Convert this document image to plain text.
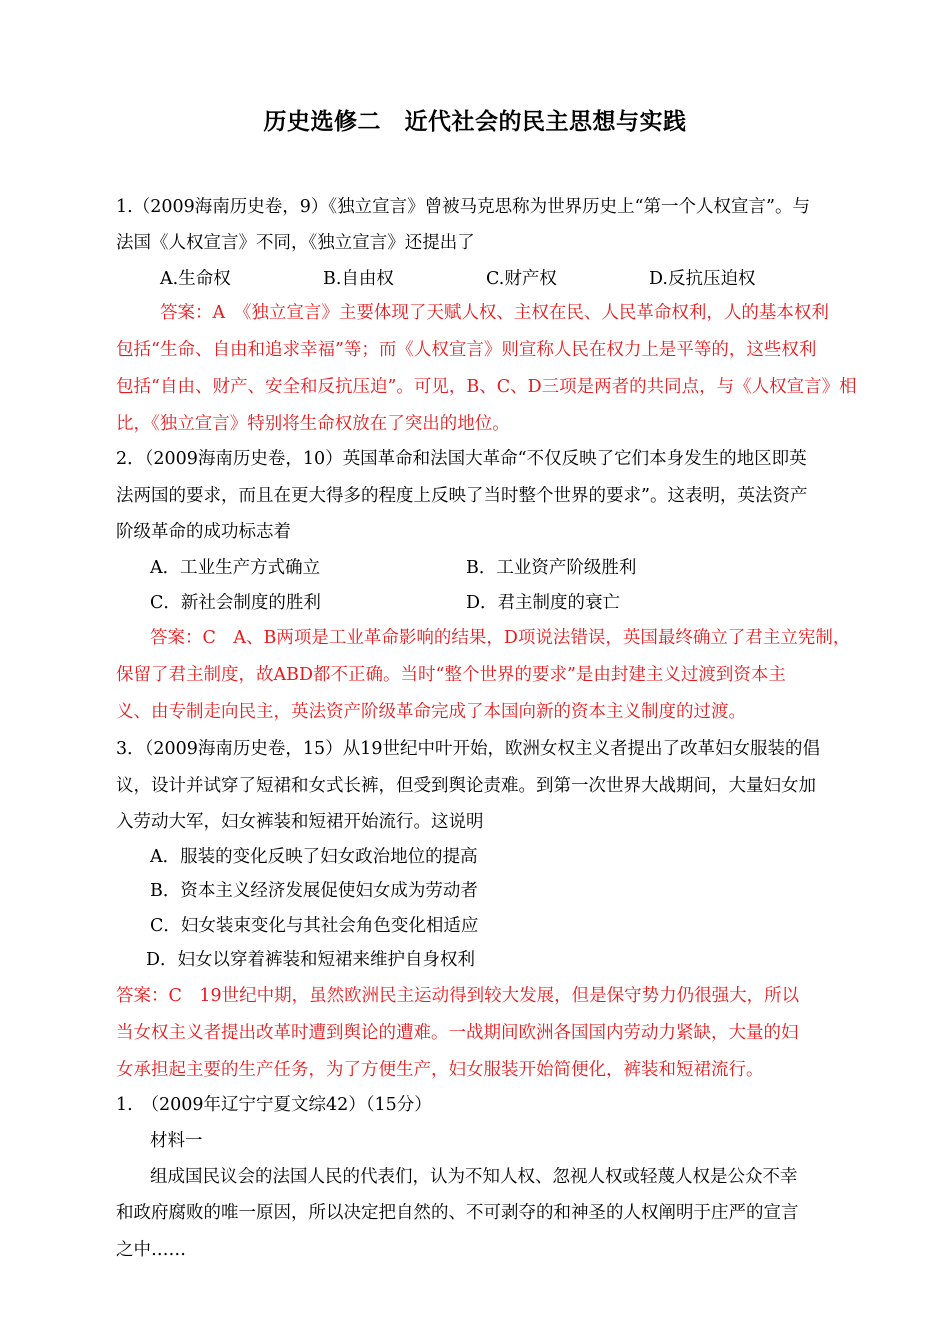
历史选修二　近代社会的民主思想与实践
1.（2009海南历史卷，9）《独立宣言》曾被马克思称为世界历史上“第一个人权宣言”。与
法国《人权宣言》不同，《独立宣言》还提出了
A.生命权	B.自由权	C.财产权	D.反抗压迫权
答案：A　《独立宣言》主要体现了天赋人权、主权在民、人民革命权利，人的基本权利
包括“生命、自由和追求幸福”等；而《人权宣言》则宣称人民在权力上是平等的，这些权利
包括“自由、财产、安全和反抗压迫”。可见，B、C、D三项是两者的共同点，与《人权宣言》相
比，《独立宣言》特别将生命权放在了突出的地位。
2．（2009海南历史卷，10）英国革命和法国大革命“不仅反映了它们本身发生的地区即英
法两国的要求，而且在更大得多的程度上反映了当时整个世界的要求”。这表明，英法资产
阶级革命的成功标志着
A．工业生产方式确立	B．工业资产阶级胜利
C．新社会制度的胜利	D．君主制度的衰亡
答案：C　A、B两项是工业革命影响的结果，D项说法错误，英国最终确立了君主立宪制，
保留了君主制度，故ABD都不正确。当时“整个世界的要求”是由封建主义过渡到资本主
义、由专制走向民主，英法资产阶级革命完成了本国向新的资本主义制度的过渡。
3．（2009海南历史卷，15）从19世纪中叶开始，欧洲女权主义者提出了改革妇女服装的倡
议，设计并试穿了短裙和女式长裤，但受到舆论责难。到第一次世界大战期间，大量妇女加
入劳动大军，妇女裤装和短裙开始流行。这说明
A．服装的变化反映了妇女政治地位的提高
B．资本主义经济发展促使妇女成为劳动者
C．妇女装束变化与其社会角色变化相适应
D．妇女以穿着裤装和短裙来维护自身权利
答案：C　19世纪中期，虽然欧洲民主运动得到较大发展，但是保守势力仍很强大，所以
当女权主义者提出改革时遭到舆论的遭难。一战期间欧洲各国国内劳动力紧缺，大量的妇
女承担起主要的生产任务，为了方便生产，妇女服装开始简便化，裤装和短裙流行。
1.　（2009年辽宁宁夏文综42）（15分）
材料一
组成国民议会的法国人民的代表们，认为不知人权、忽视人权或轻蔑人权是公众不幸
和政府腐败的唯一原因，所以决定把自然的、不可剥夺的和神圣的人权阐明于庄严的宣言
之中……
